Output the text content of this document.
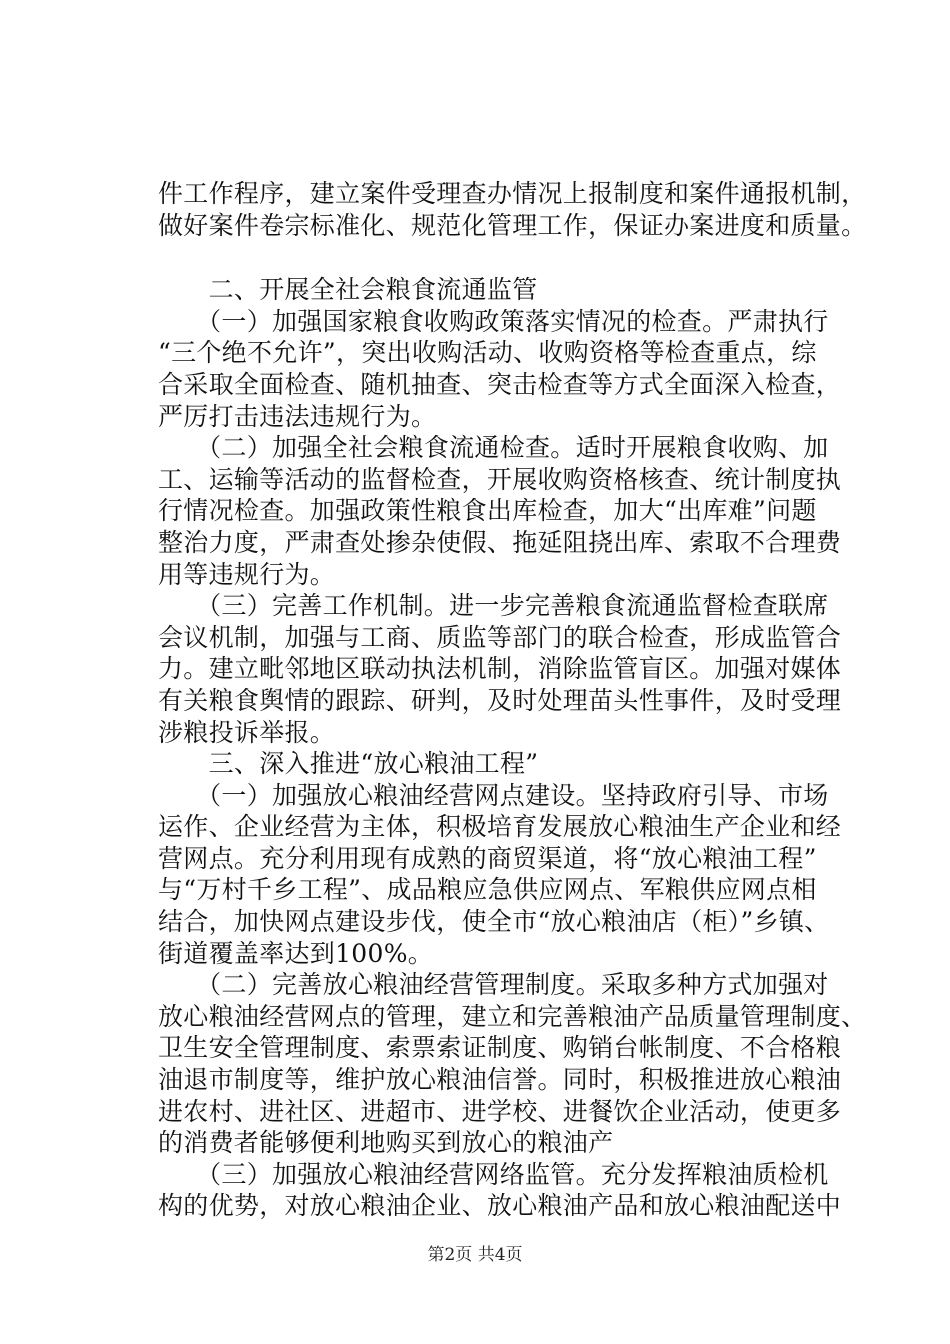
件工作程序，建立案件受理查办情况上报制度和案件通报机制，
做好案件卷宗标准化、规范化管理工作，保证办案进度和质量。
　　二、开展全社会粮食流通监管
　　（一）加强国家粮食收购政策落实情况的检查。严肃执行
“三个绝不允许”，突出收购活动、收购资格等检查重点，综
合采取全面检查、随机抽查、突击检查等方式全面深入检查，
严厉打击违法违规行为。
　　（二）加强全社会粮食流通检查。适时开展粮食收购、加
工、运输等活动的监督检查，开展收购资格核查、统计制度执
行情况检查。加强政策性粮食出库检查，加大“出库难”问题
整治力度，严肃查处掺杂使假、拖延阻挠出库、索取不合理费
用等违规行为。
　　（三）完善工作机制。进一步完善粮食流通监督检查联席
会议机制，加强与工商、质监等部门的联合检查，形成监管合
力。建立毗邻地区联动执法机制，消除监管盲区。加强对媒体
有关粮食舆情的跟踪、研判，及时处理苗头性事件，及时受理
涉粮投诉举报。
　　三、深入推进“放心粮油工程”
　　（一）加强放心粮油经营网点建设。坚持政府引导、市场
运作、企业经营为主体，积极培育发展放心粮油生产企业和经
营网点。充分利用现有成熟的商贸渠道，将“放心粮油工程”
与“万村千乡工程”、成品粮应急供应网点、军粮供应网点相
结合，加快网点建设步伐，使全市“放心粮油店（柜）”乡镇、
街道覆盖率达到100%。
　　（二）完善放心粮油经营管理制度。采取多种方式加强对
放心粮油经营网点的管理，建立和完善粮油产品质量管理制度、
卫生安全管理制度、索票索证制度、购销台帐制度、不合格粮
油退市制度等，维护放心粮油信誉。同时，积极推进放心粮油
进农村、进社区、进超市、进学校、进餐饮企业活动，使更多
的消费者能够便利地购买到放心的粮油产
　　（三）加强放心粮油经营网络监管。充分发挥粮油质检机
构的优势，对放心粮油企业、放心粮油产品和放心粮油配送中
第2页 共4页
